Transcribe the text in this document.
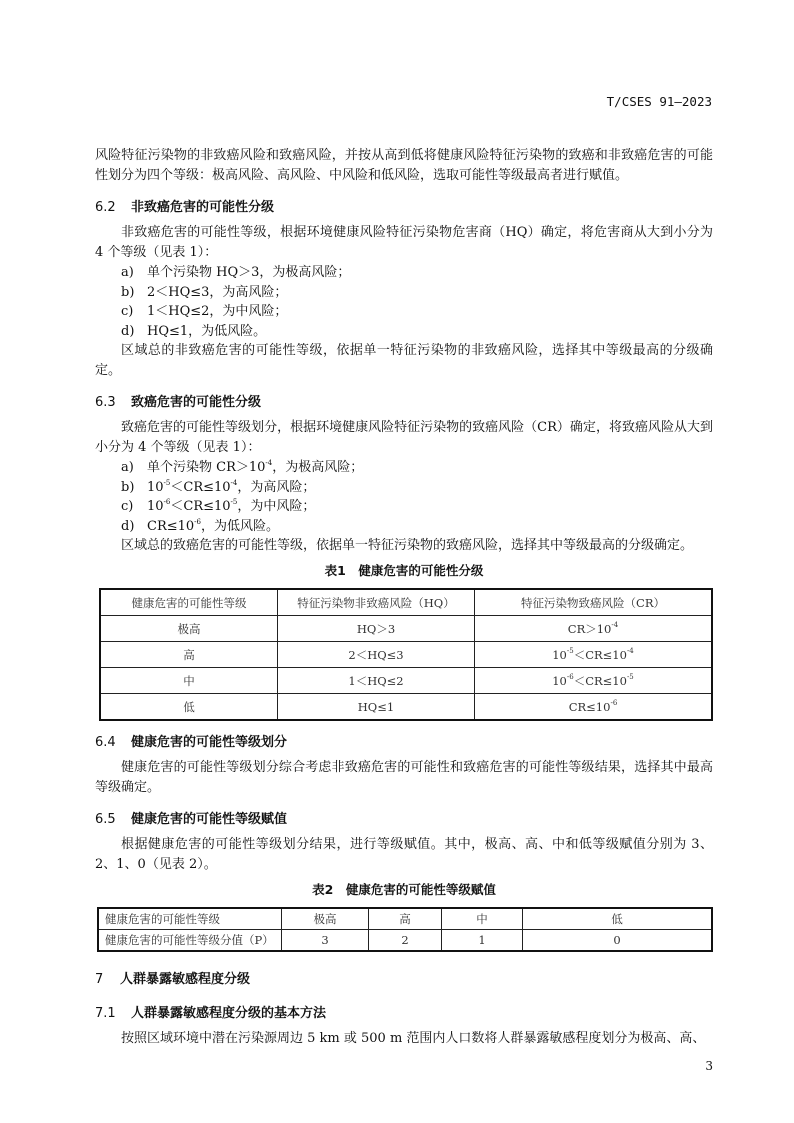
T/CSES 91—2023

风险特征污染物的非致癌风险和致癌风险，并按从高到低将健康风险特征污染物的致癌和非致癌危害的可能性划分为四个等级：极高风险、高风险、中风险和低风险，选取可能性等级最高者进行赋值。

6.2 非致癌危害的可能性分级

非致癌危害的可能性等级，根据环境健康风险特征污染物危害商（HQ）确定，将危害商从大到小分为 4 个等级（见表 1）：

a) 单个污染物 HQ＞3，为极高风险；
b) 2＜HQ≤3，为高风险；
c) 1＜HQ≤2，为中风险；
d) HQ≤1，为低风险。

区域总的非致癌危害的可能性等级，依据单一特征污染物的非致癌风险，选择其中等级最高的分级确定。

6.3 致癌危害的可能性分级

致癌危害的可能性等级划分，根据环境健康风险特征污染物的致癌风险（CR）确定，将致癌风险从大到小分为 4 个等级（见表 1）：

a) 单个污染物 $CR>10^{-4}$，为极高风险；
b) $10^{-5}<CR\le 10^{-4}$，为高风险；
c) $10^{-6}<CR\le 10^{-5}$，为中风险；
d) $CR\le 10^{-6}$，为低风险。

区域总的致癌危害的可能性等级，依据单一特征污染物的致癌风险，选择其中等级最高的分级确定。

表1　健康危害的可能性分级
健康危害的可能性等级	特征污染物非致癌风险（HQ）	特征污染物致癌风险（CR）
极高	HQ＞3	$CR>10^{-4}$
高	2＜HQ≤3	$10^{-5}<CR\le 10^{-4}$
中	1＜HQ≤2	$10^{-6}<CR\le 10^{-5}$
低	HQ≤1	$CR\le 10^{-6}$
6.4 健康危害的可能性等级划分

健康危害的可能性等级划分综合考虑非致癌危害的可能性和致癌危害的可能性等级结果，选择其中最高等级确定。

6.5 健康危害的可能性等级赋值

根据健康危害的可能性等级划分结果，进行等级赋值。其中，极高、高、中和低等级赋值分别为 3、2、1、0（见表 2）。

表2　健康危害的可能性等级赋值
健康危害的可能性等级	极高	高	中	低
健康危害的可能性等级分值（P）	3	2	1	0
7 人群暴露敏感程度分级
7.1 人群暴露敏感程度分级的基本方法

按照区域环境中潜在污染源周边 5 km 或 500 m 范围内人口数将人群暴露敏感程度划分为极高、高、

3
